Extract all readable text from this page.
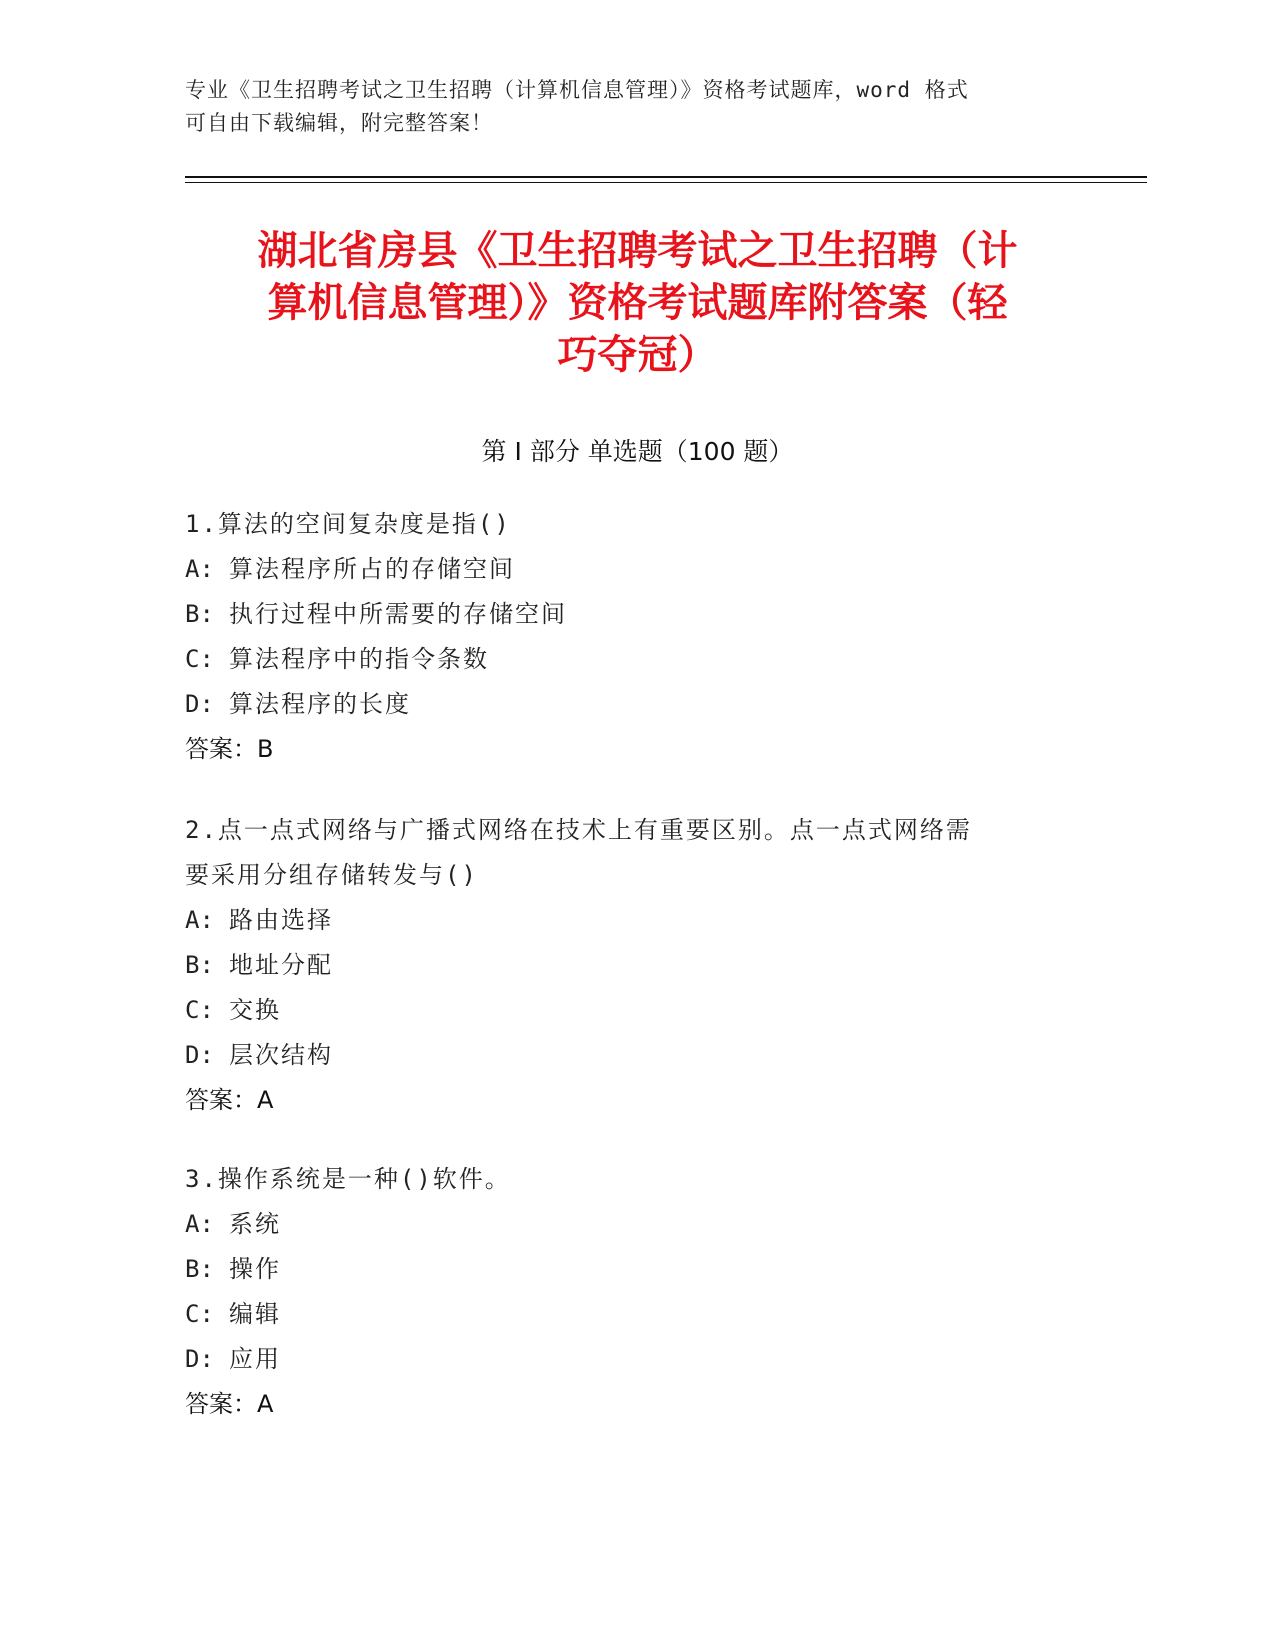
专业《卫生招聘考试之卫生招聘（计算机信息管理）》资格考试题库，word 格式
可自由下载编辑，附完整答案！
湖北省房县《卫生招聘考试之卫生招聘（计
算机信息管理）》资格考试题库附答案（轻
巧夺冠）
第 I 部分 单选题（100 题）
1.算法的空间复杂度是指()
A: 算法程序所占的存储空间
B: 执行过程中所需要的存储空间
C: 算法程序中的指令条数
D: 算法程序的长度
答案：B
2.点一点式网络与广播式网络在技术上有重要区别。点一点式网络需
要采用分组存储转发与()
A: 路由选择
B: 地址分配
C: 交换
D: 层次结构
答案：A
3.操作系统是一种()软件。
A: 系统
B: 操作
C: 编辑
D: 应用
答案：A
